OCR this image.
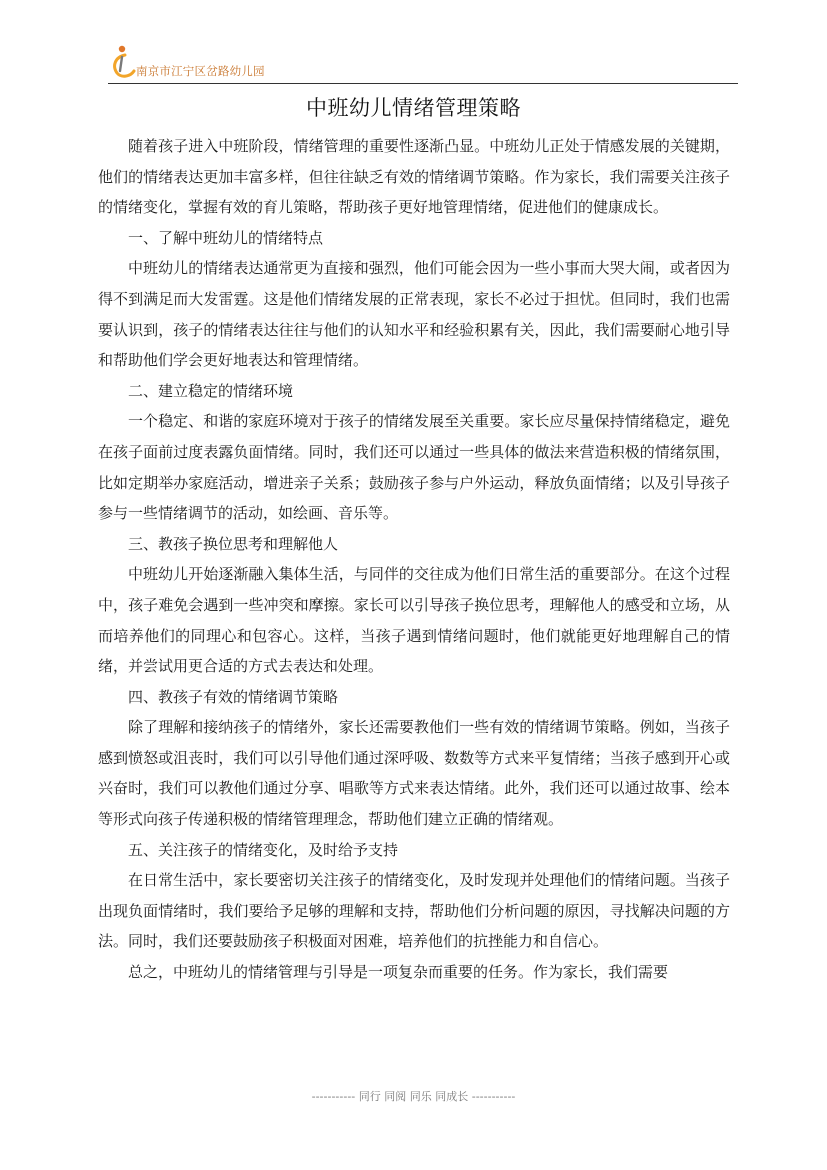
南京市江宁区岔路幼儿园
中班幼儿情绪管理策略

随着孩子进入中班阶段，情绪管理的重要性逐渐凸显。中班幼儿正处于情感发展的关键期，他们的情绪表达更加丰富多样，但往往缺乏有效的情绪调节策略。作为家长，我们需要关注孩子的情绪变化，掌握有效的育儿策略，帮助孩子更好地管理情绪，促进他们的健康成长。

一、了解中班幼儿的情绪特点

中班幼儿的情绪表达通常更为直接和强烈，他们可能会因为一些小事而大哭大闹，或者因为得不到满足而大发雷霆。这是他们情绪发展的正常表现，家长不必过于担忧。但同时，我们也需要认识到，孩子的情绪表达往往与他们的认知水平和经验积累有关，因此，我们需要耐心地引导和帮助他们学会更好地表达和管理情绪。

二、建立稳定的情绪环境

一个稳定、和谐的家庭环境对于孩子的情绪发展至关重要。家长应尽量保持情绪稳定，避免在孩子面前过度表露负面情绪。同时，我们还可以通过一些具体的做法来营造积极的情绪氛围，比如定期举办家庭活动，增进亲子关系；鼓励孩子参与户外运动，释放负面情绪；以及引导孩子参与一些情绪调节的活动，如绘画、音乐等。

三、教孩子换位思考和理解他人

中班幼儿开始逐渐融入集体生活，与同伴的交往成为他们日常生活的重要部分。在这个过程中，孩子难免会遇到一些冲突和摩擦。家长可以引导孩子换位思考，理解他人的感受和立场，从而培养他们的同理心和包容心。这样，当孩子遇到情绪问题时，他们就能更好地理解自己的情绪，并尝试用更合适的方式去表达和处理。

四、教孩子有效的情绪调节策略

除了理解和接纳孩子的情绪外，家长还需要教他们一些有效的情绪调节策略。例如，当孩子感到愤怒或沮丧时，我们可以引导他们通过深呼吸、数数等方式来平复情绪；当孩子感到开心或兴奋时，我们可以教他们通过分享、唱歌等方式来表达情绪。此外，我们还可以通过故事、绘本等形式向孩子传递积极的情绪管理理念，帮助他们建立正确的情绪观。

五、关注孩子的情绪变化，及时给予支持

在日常生活中，家长要密切关注孩子的情绪变化，及时发现并处理他们的情绪问题。当孩子出现负面情绪时，我们要给予足够的理解和支持，帮助他们分析问题的原因，寻找解决问题的方法。同时，我们还要鼓励孩子积极面对困难，培养他们的抗挫能力和自信心。

总之，中班幼儿的情绪管理与引导是一项复杂而重要的任务。作为家长，我们需要

----------- 同行 同阅 同乐 同成长 -----------
